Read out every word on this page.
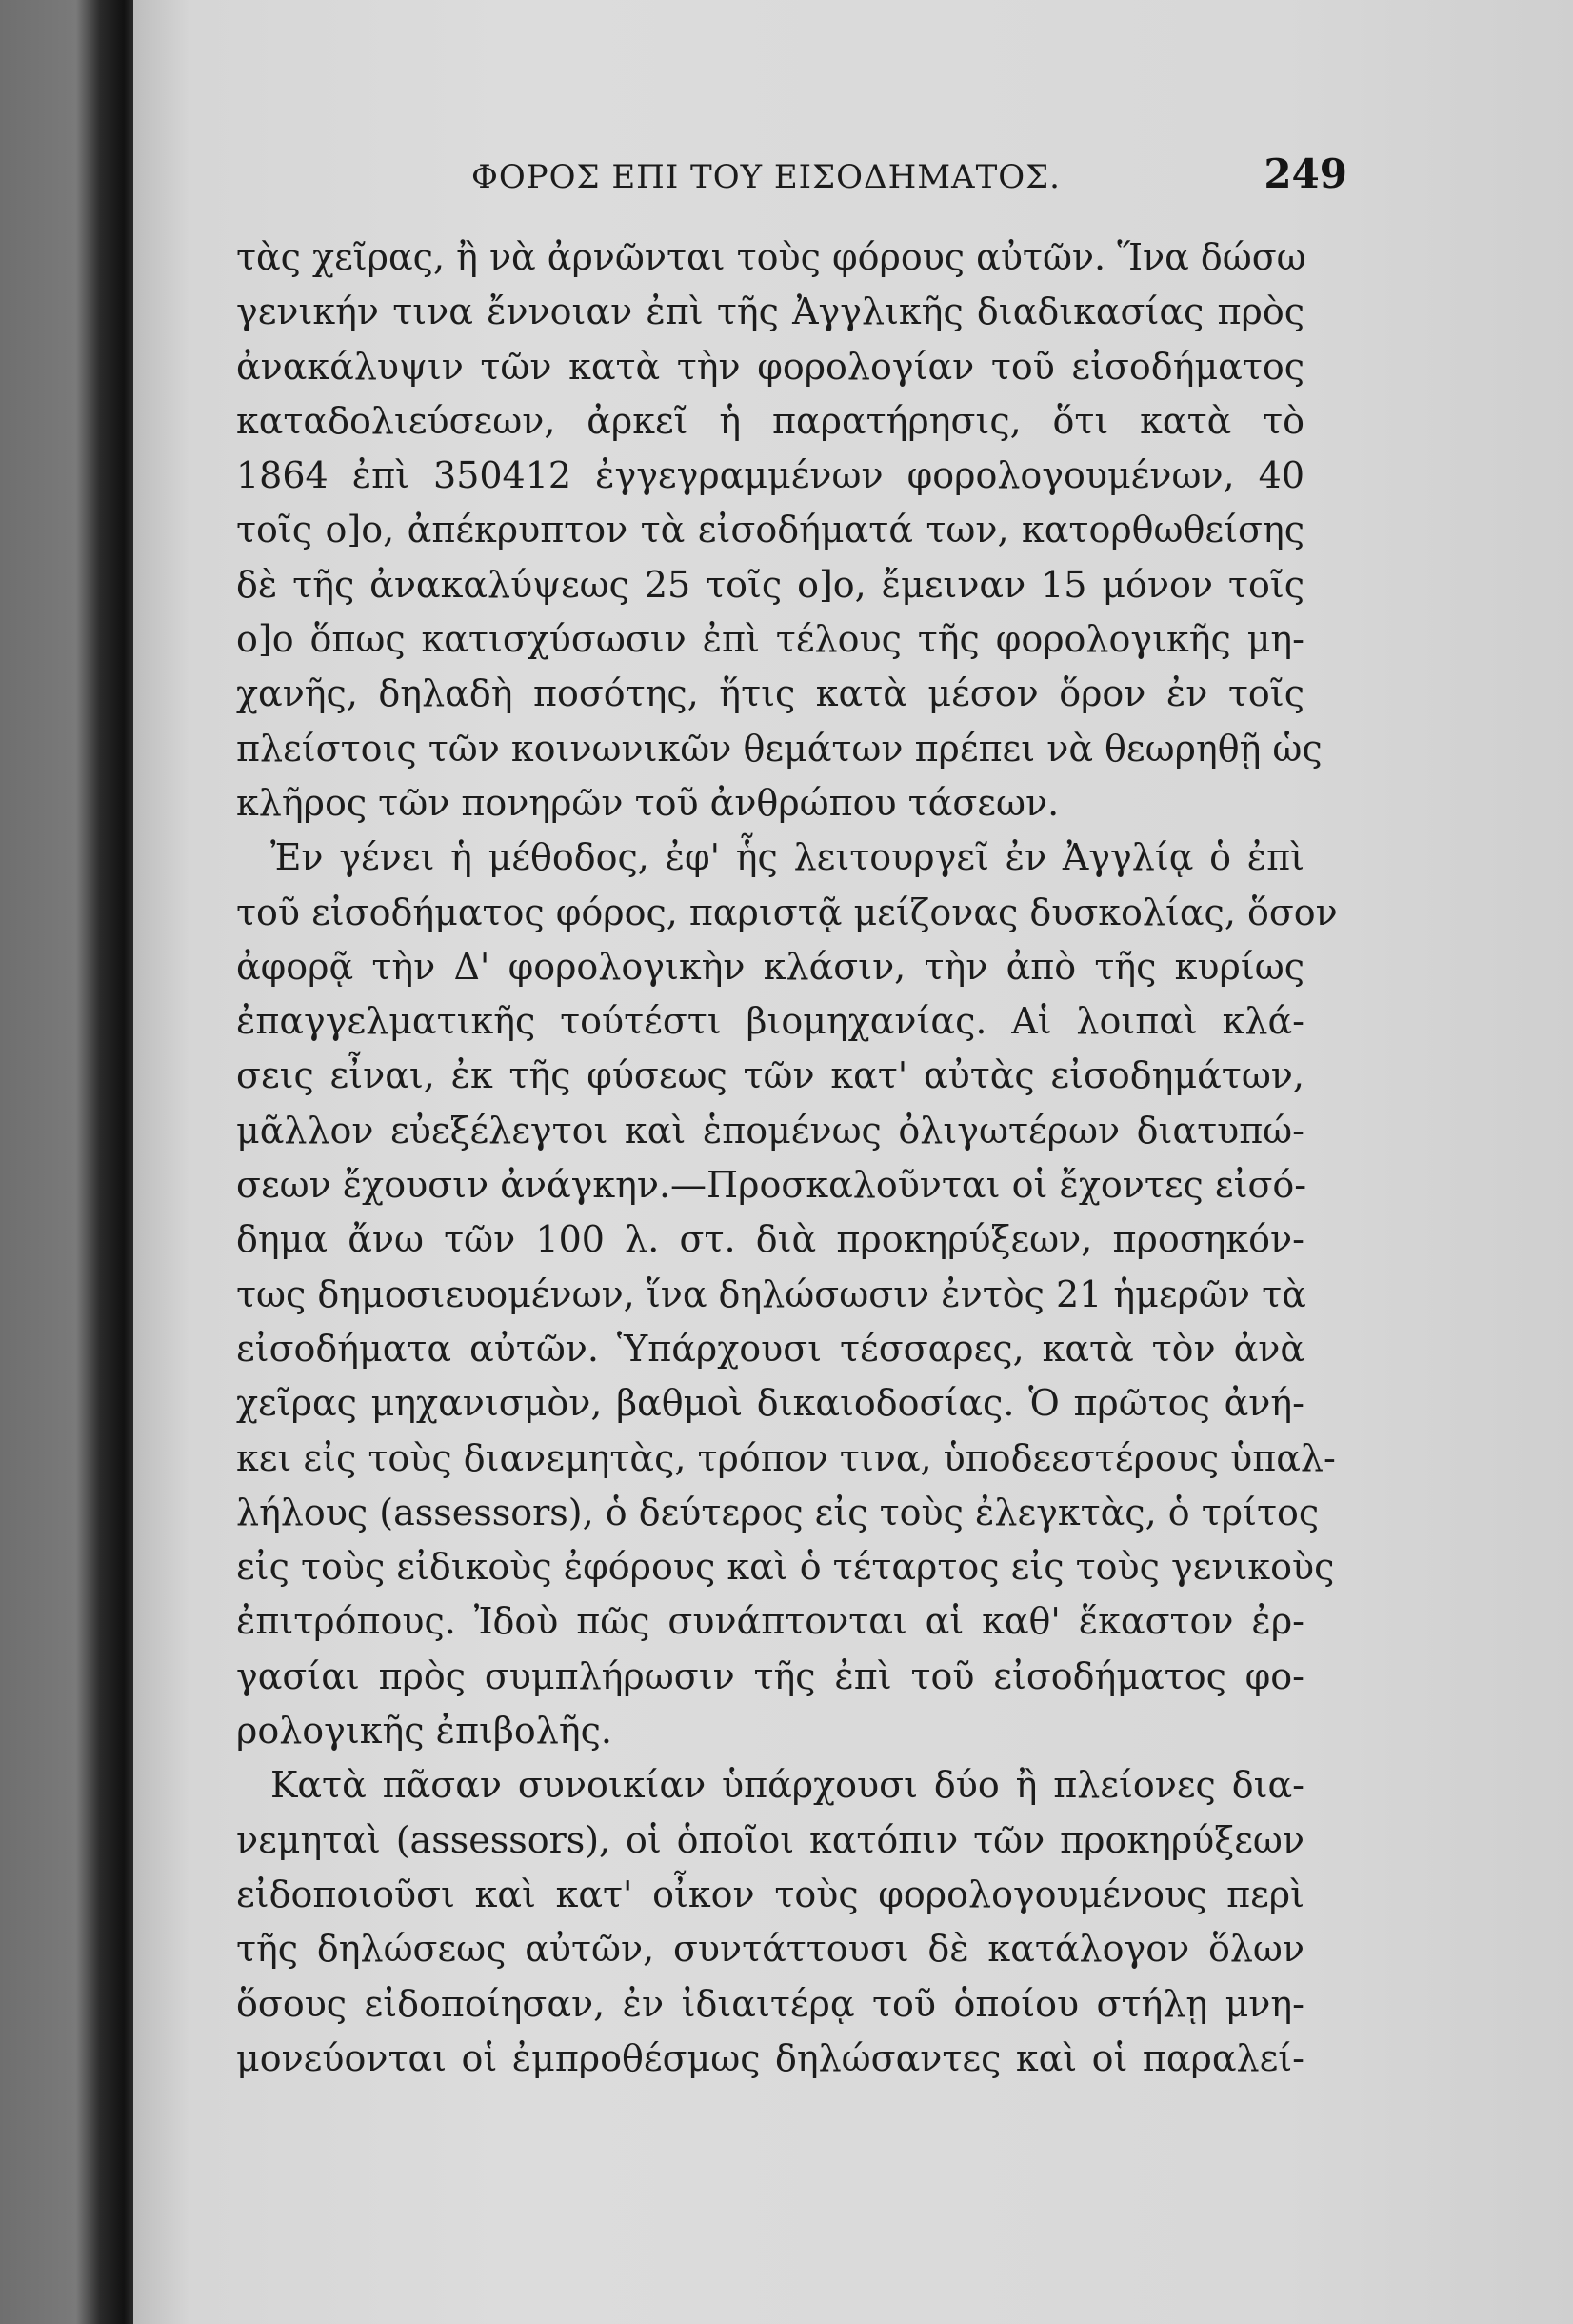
ΦΟΡΟΣ ΕΠΙ ΤΟΥ ΕΙΣΟΔΗΜΑΤΟΣ.	249
τὰς χεῖρας, ἢ νὰ ἀρνῶνται τοὺς φόρους αὐτῶν. Ἵνα δώσω
γενικήν τινα ἔννοιαν ἐπὶ τῆς Ἀγγλικῆς διαδικασίας πρὸς
ἀνακάλυψιν τῶν κατὰ τὴν φορολογίαν τοῦ εἰσοδήματος
καταδολιεύσεων, ἀρκεῖ ἡ παρατήρησις, ὅτι κατὰ τὸ
1864 ἐπὶ 350412 ἐγγεγραμμένων φορολογουμένων, 40
τοῖς ο]ο, ἀπέκρυπτον τὰ εἰσοδήματά των, κατορθωθείσης
δὲ τῆς ἀνακαλύψεως 25 τοῖς ο]ο, ἔμειναν 15 μόνον τοῖς
ο]ο ὅπως κατισχύσωσιν ἐπὶ τέλους τῆς φορολογικῆς μη-
χανῆς, δηλαδὴ ποσότης, ἥτις κατὰ μέσον ὅρον ἐν τοῖς
πλείστοις τῶν κοινωνικῶν θεμάτων πρέπει νὰ θεωρηθῇ ὡς
κλῆρος τῶν πονηρῶν τοῦ ἀνθρώπου τάσεων.
Ἐν γένει ἡ μέθοδος, ἐφ' ἧς λειτουργεῖ ἐν Ἀγγλίᾳ ὁ ἐπὶ
τοῦ εἰσοδήματος φόρος, παριστᾷ μείζονας δυσκολίας, ὅσον
ἀφορᾷ τὴν Δ' φορολογικὴν κλάσιν, τὴν ἀπὸ τῆς κυρίως
ἐπαγγελματικῆς τούτέστι βιομηχανίας. Αἱ λοιπαὶ κλά-
σεις εἶναι, ἐκ τῆς φύσεως τῶν κατ' αὐτὰς εἰσοδημάτων,
μᾶλλον εὐεξέλεγτοι καὶ ἑπομένως ὀλιγωτέρων διατυπώ-
σεων ἔχουσιν ἀνάγκην.—Προσκαλοῦνται οἱ ἔχοντες εἰσό-
δημα ἄνω τῶν 100 λ. στ. διὰ προκηρύξεων, προσηκόν-
τως δημοσιευομένων, ἵνα δηλώσωσιν ἐντὸς 21 ἡμερῶν τὰ
εἰσοδήματα αὐτῶν. Ὑπάρχουσι τέσσαρες, κατὰ τὸν ἀνὰ
χεῖρας μηχανισμὸν, βαθμοὶ δικαιοδοσίας. Ὁ πρῶτος ἀνή-
κει εἰς τοὺς διανεμητὰς, τρόπον τινα, ὑποδεεστέρους ὑπαλ-
λήλους (assessors), ὁ δεύτερος εἰς τοὺς ἐλεγκτὰς, ὁ τρίτος
εἰς τοὺς εἰδικοὺς ἐφόρους καὶ ὁ τέταρτος εἰς τοὺς γενικοὺς
ἐπιτρόπους. Ἰδοὺ πῶς συνάπτονται αἱ καθ' ἕκαστον ἐρ-
γασίαι πρὸς συμπλήρωσιν τῆς ἐπὶ τοῦ εἰσοδήματος φο-
ρολογικῆς ἐπιβολῆς.
Κατὰ πᾶσαν συνοικίαν ὑπάρχουσι δύο ἢ πλείονες δια-
νεμηταὶ (assessors), οἱ ὁποῖοι κατόπιν τῶν προκηρύξεων
εἰδοποιοῦσι καὶ κατ' οἶκον τοὺς φορολογουμένους περὶ
τῆς δηλώσεως αὐτῶν, συντάττουσι δὲ κατάλογον ὅλων
ὅσους εἰδοποίησαν, ἐν ἰδιαιτέρᾳ τοῦ ὁποίου στήλῃ μνη-
μονεύονται οἱ ἐμπροθέσμως δηλώσαντες καὶ οἱ παραλεί-
